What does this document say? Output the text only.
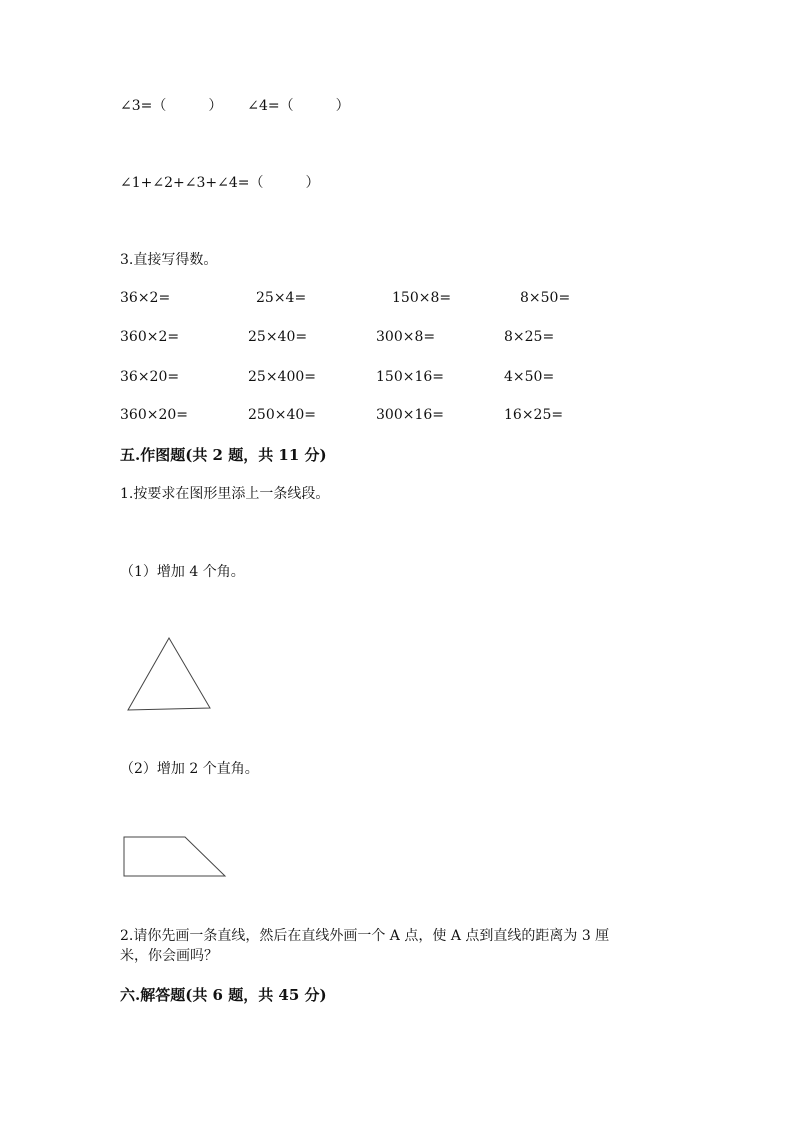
∠3=（　　　） ∠4=（　　　）
∠1+∠2+∠3+∠4=（　　　）
3.直接写得数。
36×2=	25×4=	150×8=	8×50=
360×2=	25×40=	300×8=	8×25=
36×20=	25×400=	150×16=	4×50=
360×20=	250×40=	300×16=	16×25=
五.作图题(共 2 题，共 11 分)
1.按要求在图形里添上一条线段。
（1）增加 4 个角。
（2）增加 2 个直角。
2.请你先画一条直线，然后在直线外画一个 A 点，使 A 点到直线的距离为 3 厘
米，你会画吗？
六.解答题(共 6 题，共 45 分)
